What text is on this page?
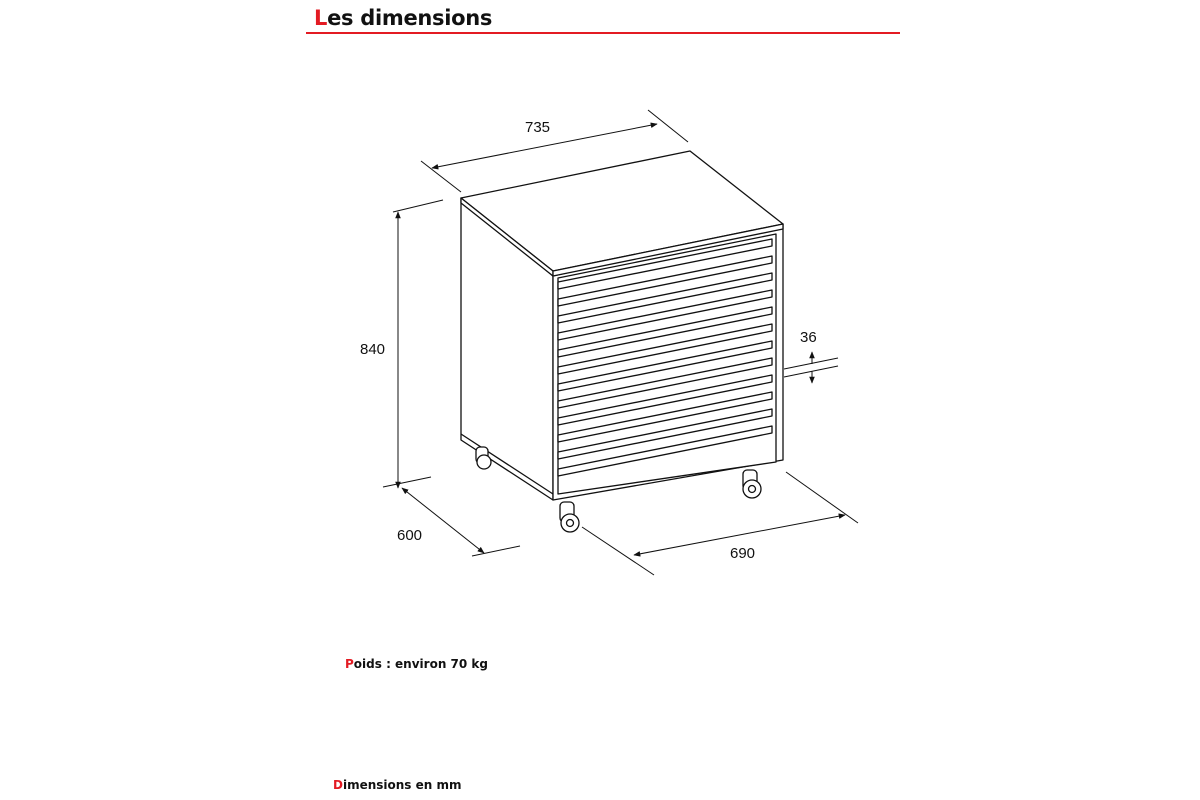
Les dimensions
735
840
600
690
36
Poids : environ 70 kg
Dimensions en mm
